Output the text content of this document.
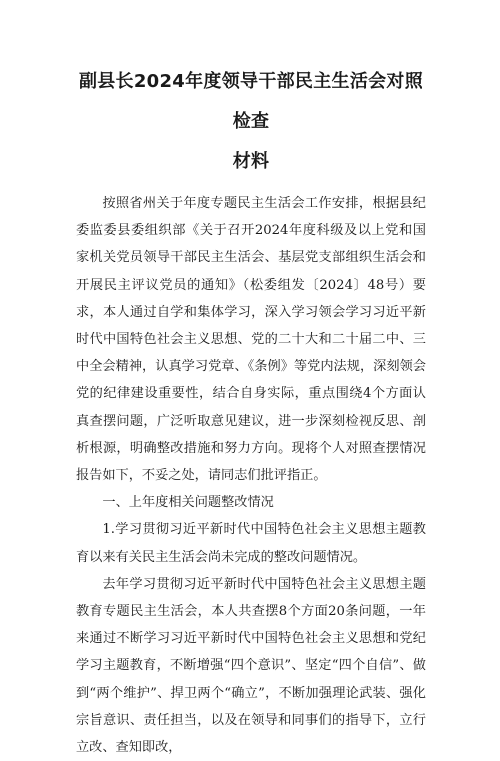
副县长2024年度领导干部民主生活会对照检查
材料

按照省州关于年度专题民主生活会工作安排，根据县纪委监委县委组织部《关于召开2024年度科级及以上党和国家机关党员领导干部民主生活会、基层党支部组织生活会和开展民主评议党员的通知》（松委组发〔2024〕48号）要求，本人通过自学和集体学习，深入学习领会学习习近平新时代中国特色社会主义思想、党的二十大和二十届二中、三中全会精神，认真学习党章、《条例》等党内法规，深刻领会党的纪律建设重要性，结合自身实际，重点围绕4个方面认真查摆问题，广泛听取意见建议，进一步深刻检视反思、剖析根源，明确整改措施和努力方向。现将个人对照查摆情况报告如下，不妥之处，请同志们批评指正。

一、上年度相关问题整改情况

1.学习贯彻习近平新时代中国特色社会主义思想主题教育以来有关民主生活会尚未完成的整改问题情况。

去年学习贯彻习近平新时代中国特色社会主义思想主题教育专题民主生活会，本人共查摆8个方面20条问题，一年来通过不断学习习近平新时代中国特色社会主义思想和党纪学习主题教育，不断增强“四个意识”、坚定“四个自信”、做到“两个维护”、捍卫两个“确立”，不断加强理论武装、强化宗旨意识、责任担当，以及在领导和同事们的指导下，立行立改、查知即改，
